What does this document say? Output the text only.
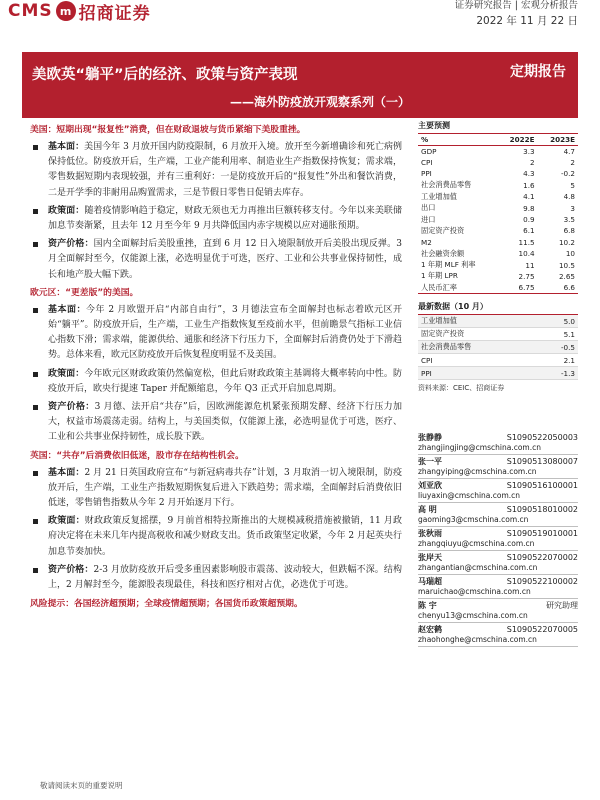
CMS m 招商证券	证券研究报告 | 宏观分析报告
2022 年 11 月 22 日
美欧英“躺平”后的经济、政策与资产表现
——海外防疫放开观察系列（一）
定期报告
美国：短期出现“报复性”消费，但在财政退坡与货币紧缩下美股重挫。
基本面：美国今年 3 月放开国内防疫限制，6 月放开入境。放开至今新增确诊和死亡病例保持低位。防疫放开后，生产端，工业产能利用率、制造业生产指数保持恢复；需求端，零售数据短期内表现较强，并有三重利好：一是防疫放开后的“报复性”外出和餐饮消费，二是开学季的非耐用品购置需求，三是节假日零售日促销去库存。
政策面：随着疫情影响趋于稳定，财政无须也无力再推出巨额转移支付。今年以来美联储加息节奏渐紧，且去年 12 月至今年 9 月共降低国内赤字规模以应对通胀预期。
资产价格：国内全面解封后美股重挫，直到 6 月 12 日入境限制放开后美股出现反弹。3 月全面解封至今，仅能源上涨，必选明显优于可选，医疗、工业和公共事业保持韧性，成长和地产股大幅下跌。
欧元区：“更差版”的美国。
基本面：今年 2 月欧盟开启“内部自由行”，3 月德法宣布全面解封也标志着欧元区开始“躺平”。防疫放开后，生产端，工业生产指数恢复至疫前水平，但前瞻景气指标工业信心指数下滑；需求端，能源供给、通胀和经济下行压力下，全面解封后消费仍处于下滑趋势。总体来看，欧元区防疫放开后恢复程度明显不及美国。
政策面：今年欧元区财政政策仍然偏宽松，但此后财政政策主基调将大概率转向中性。防疫放开后，欧央行提速 Taper 并配额缩息，今年 Q3 正式开启加息周期。
资产价格：3 月德、法开启“共存”后，因欧洲能源危机紧张预期发酵、经济下行压力加大，权益市场震荡走弱。结构上，与美国类似，仅能源上涨，必选明显优于可选，医疗、工业和公共事业保持韧性，成长股下跌。
英国：“共存”后消费依旧低迷，股市存在结构性机会。
基本面：2 月 21 日英国政府宣布“与新冠病毒共存”计划，3 月取消一切入境限制，防疫放开后，生产端，工业生产指数短期恢复后进入下跌趋势；需求端，全面解封后消费依旧低迷，零售销售指数从今年 2 月开始逐月下行。
政策面：财政政策反复摇摆，9 月前首相特拉斯推出的大规模减税措施被撤销，11 月政府决定将在未来几年内提高税收和减少财政支出。货币政策坚定收紧，今年 2 月起英央行加息节奏加快。
资产价格：2-3 月放防疫放开后受多重因素影响股市震荡、波动较大，但跌幅不深。结构上，2 月解封至今，能源股表现最佳，科技和医疗相对占优，必选优于可选。
风险提示：各国经济超预期；全球疫情超预期；各国货币政策超预期。
主要预测
%	2022E	2023E
GDP	3.3	4.7
CPI	2	2
PPI	4.3	-0.2
社会消费品零售	1.6	5
工业增加值	4.1	4.8
出口	9.8	3
进口	0.9	3.5
固定资产投资	6.1	6.8
M2	11.5	10.2
社会融资余额	10.4	10
1 年期 MLF 利率	11	10.5
1 年期 LPR	2.75	2.65
人民币汇率	6.75	6.6
最新数据（10 月）
工业增加值	5.0
固定资产投资	5.1
社会消费品零售	-0.5
CPI	2.1
PPI	-1.3
资料来源：CEIC、招商证券
张静静	S1090522050003
zhangjingjing@cmschina.com.cn
张一平	S1090513080007
zhangyiping@cmschina.com.cn
刘亚欣	S1090516100001
liuyaxin@cmschina.com.cn
高 明	S1090518010002
gaoming3@cmschina.com.cn
张秋雨	S1090519010001
zhangqiuyu@cmschina.com.cn
张岸天	S1090522070002
zhangantian@cmschina.com.cn
马瑞超	S1090522100002
maruichao@cmschina.com.cn
陈 宇	研究助理
chenyu13@cmschina.com.cn
赵宏鹤	S1090522070005
zhaohonghe@cmschina.com.cn
敬请阅读末页的重要说明
